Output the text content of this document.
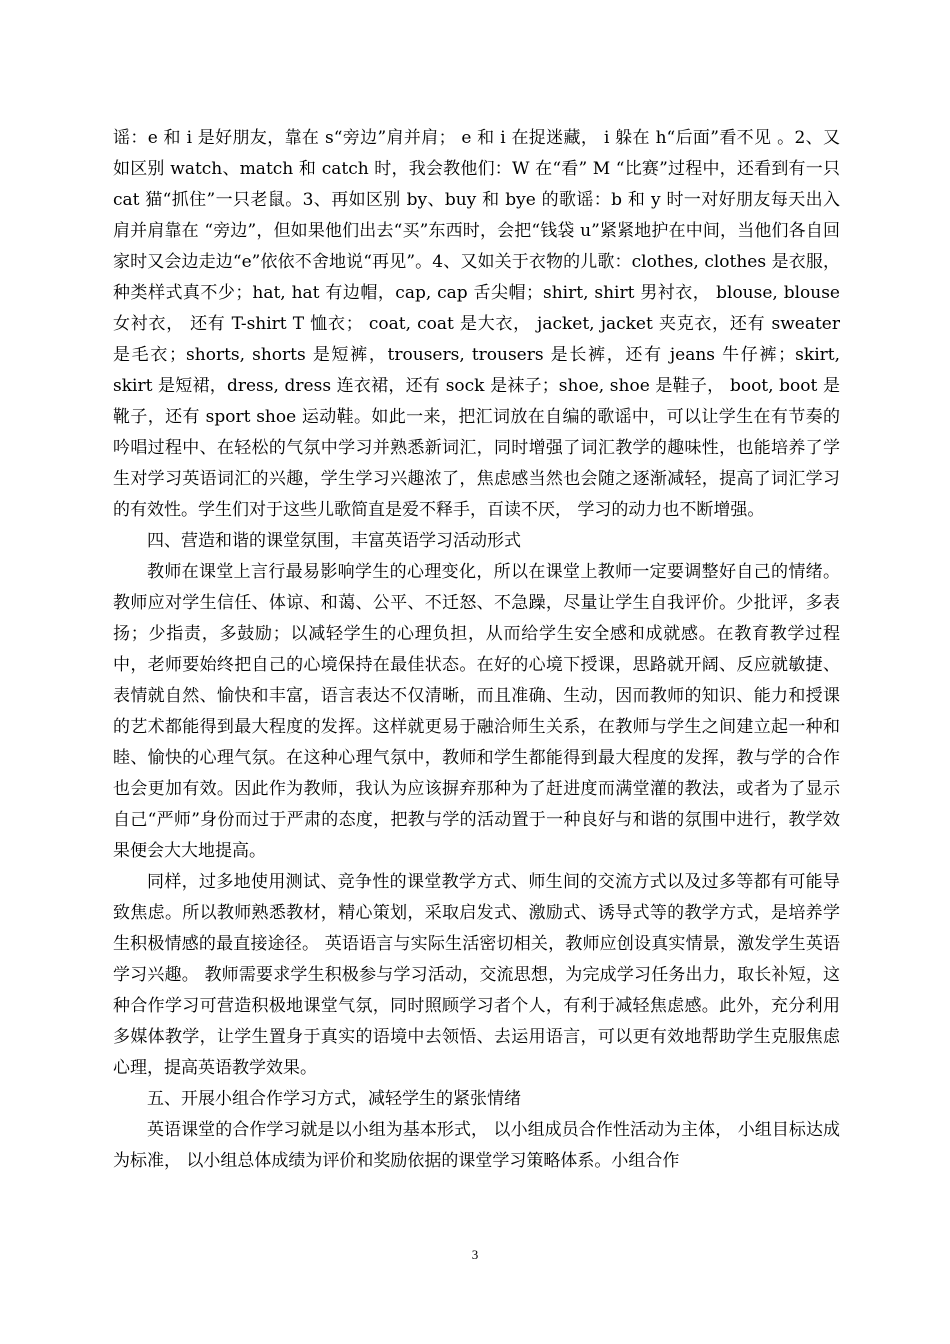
谣：e 和 i 是好朋友，靠在 s“旁边”肩并肩； e 和 i 在捉迷藏， i 躲在 h“后面”看不见 。2、又如区别 watch、match 和 catch 时，我会教他们：W 在“看” M “比赛”过程中，还看到有一只 cat 猫“抓住”一只老鼠。3、再如区别 by、buy 和 bye 的歌谣：b 和 y 时一对好朋友每天出入肩并肩靠在 “旁边”，但如果他们出去“买”东西时，会把“钱袋 u”紧紧地护在中间，当他们各自回家时又会边走边“e”依依不舍地说“再见”。4、又如关于衣物的儿歌：clothes, clothes 是衣服， 种类样式真不少；hat, hat 有边帽，cap, cap 舌尖帽；shirt, shirt 男衬衣， blouse, blouse 女衬衣， 还有 T-shirt T 恤衣； coat, coat 是大衣， jacket, jacket 夹克衣，还有 sweater 是毛衣；shorts, shorts 是短裤，trousers, trousers 是长裤，还有 jeans 牛仔裤；skirt, skirt 是短裙，dress, dress 连衣裙，还有 sock 是袜子；shoe, shoe 是鞋子， boot, boot 是靴子，还有 sport shoe 运动鞋。如此一来，把汇词放在自编的歌谣中，可以让学生在有节奏的吟唱过程中、在轻松的气氛中学习并熟悉新词汇，同时增强了词汇教学的趣味性，也能培养了学生对学习英语词汇的兴趣，学生学习兴趣浓了，焦虑感当然也会随之逐渐减轻，提高了词汇学习的有效性。学生们对于这些儿歌简直是爱不释手，百读不厌， 学习的动力也不断增强。

四、营造和谐的课堂氛围，丰富英语学习活动形式

教师在课堂上言行最易影响学生的心理变化，所以在课堂上教师一定要调整好自己的情绪。教师应对学生信任、体谅、和蔼、公平、不迁怒、不急躁，尽量让学生自我评价。少批评，多表扬；少指责，多鼓励；以减轻学生的心理负担，从而给学生安全感和成就感。在教育教学过程中，老师要始终把自己的心境保持在最佳状态。在好的心境下授课，思路就开阔、反应就敏捷、表情就自然、愉快和丰富，语言表达不仅清晰，而且准确、生动，因而教师的知识、能力和授课的艺术都能得到最大程度的发挥。这样就更易于融洽师生关系，在教师与学生之间建立起一种和睦、愉快的心理气氛。在这种心理气氛中，教师和学生都能得到最大程度的发挥，教与学的合作也会更加有效。因此作为教师，我认为应该摒弃那种为了赶进度而满堂灌的教法，或者为了显示自己“严师”身份而过于严肃的态度，把教与学的活动置于一种良好与和谐的氛围中进行，教学效果便会大大地提高。

同样，过多地使用测试、竞争性的课堂教学方式、师生间的交流方式以及过多等都有可能导致焦虑。所以教师熟悉教材，精心策划，采取启发式、激励式、诱导式等的教学方式，是培养学生积极情感的最直接途径。 英语语言与实际生活密切相关，教师应创设真实情景，激发学生英语学习兴趣。 教师需要求学生积极参与学习活动，交流思想，为完成学习任务出力，取长补短，这种合作学习可营造积极地课堂气氛，同时照顾学习者个人，有利于减轻焦虑感。此外，充分利用多媒体教学，让学生置身于真实的语境中去领悟、去运用语言，可以更有效地帮助学生克服焦虑心理，提高英语教学效果。

五、开展小组合作学习方式，减轻学生的紧张情绪

英语课堂的合作学习就是以小组为基本形式， 以小组成员合作性活动为主体， 小组目标达成为标准， 以小组总体成绩为评价和奖励依据的课堂学习策略体系。小组合作

3
